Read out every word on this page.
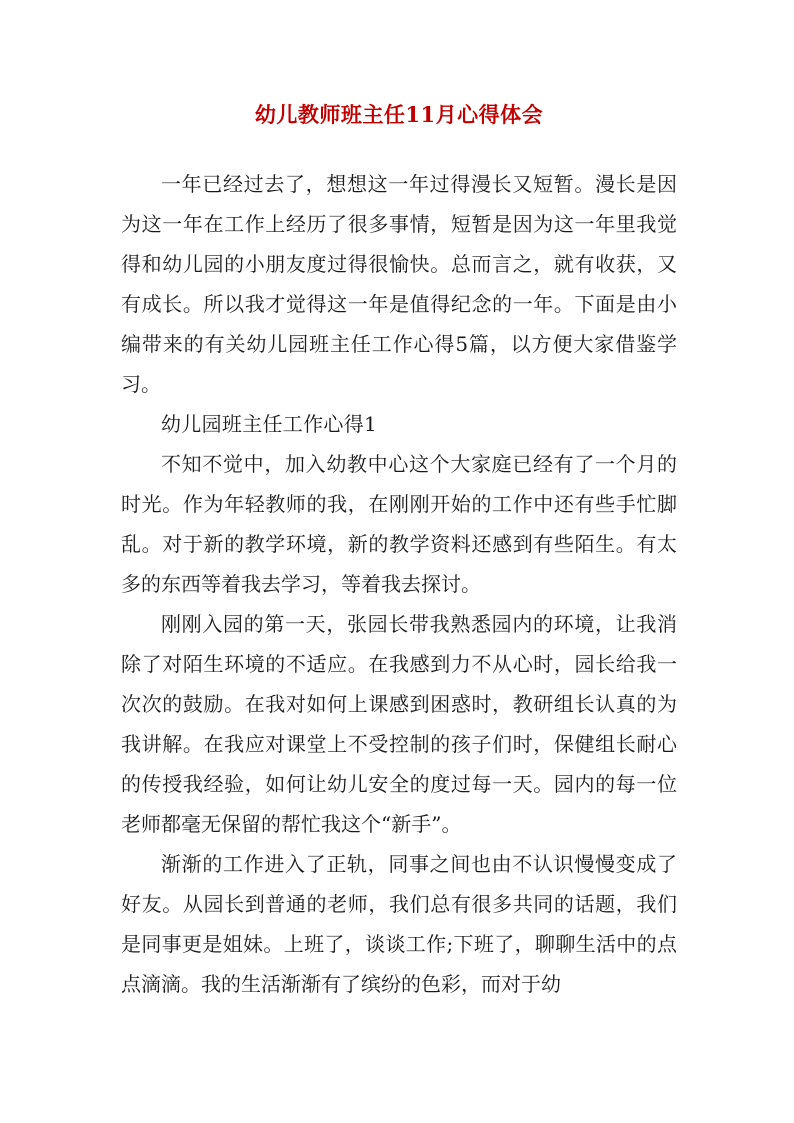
幼儿教师班主任11月心得体会

一年已经过去了，想想这一年过得漫长又短暂。漫长是因为这一年在工作上经历了很多事情，短暂是因为这一年里我觉得和幼儿园的小朋友度过得很愉快。总而言之，就有收获，又有成长。所以我才觉得这一年是值得纪念的一年。下面是由小编带来的有关幼儿园班主任工作心得5篇，以方便大家借鉴学习。

幼儿园班主任工作心得1

不知不觉中，加入幼教中心这个大家庭已经有了一个月的时光。作为年轻教师的我，在刚刚开始的工作中还有些手忙脚乱。对于新的教学环境，新的教学资料还感到有些陌生。有太多的东西等着我去学习，等着我去探讨。

刚刚入园的第一天，张园长带我熟悉园内的环境，让我消除了对陌生环境的不适应。在我感到力不从心时，园长给我一次次的鼓励。在我对如何上课感到困惑时，教研组长认真的为我讲解。在我应对课堂上不受控制的孩子们时，保健组长耐心的传授我经验，如何让幼儿安全的度过每一天。园内的每一位老师都毫无保留的帮忙我这个“新手”。

渐渐的工作进入了正轨，同事之间也由不认识慢慢变成了好友。从园长到普通的老师，我们总有很多共同的话题，我们是同事更是姐妹。上班了，谈谈工作;下班了，聊聊生活中的点点滴滴。我的生活渐渐有了缤纷的色彩，而对于幼
